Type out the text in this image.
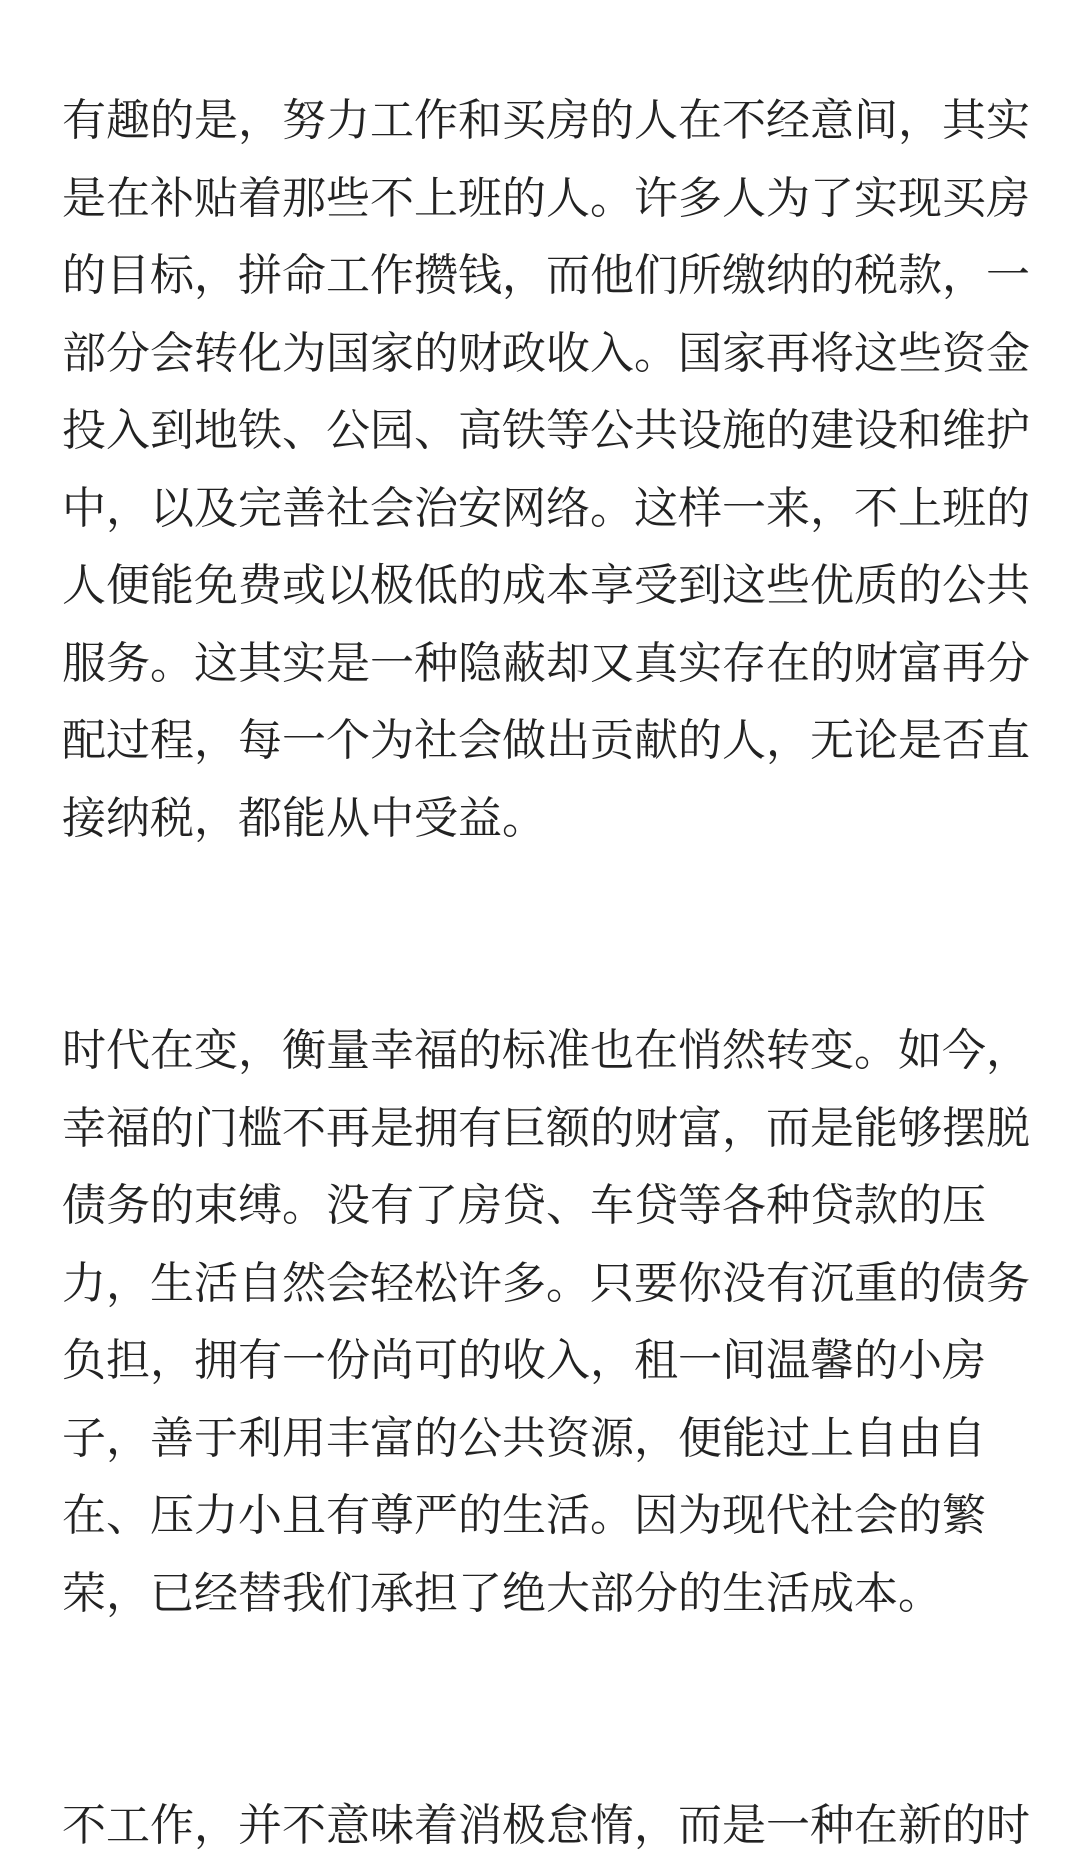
有趣的是，努力工作和买房的人在不经意间，其实
是在补贴着那些不上班的人。许多人为了实现买房
的目标，拼命工作攒钱，而他们所缴纳的税款，一
部分会转化为国家的财政收入。国家再将这些资金
投入到地铁、公园、高铁等公共设施的建设和维护
中，以及完善社会治安网络。这样一来，不上班的
人便能免费或以极低的成本享受到这些优质的公共
服务。这其实是一种隐蔽却又真实存在的财富再分
配过程，每一个为社会做出贡献的人，无论是否直
接纳税，都能从中受益。
时代在变，衡量幸福的标准也在悄然转变。如今，
幸福的门槛不再是拥有巨额的财富，而是能够摆脱
债务的束缚。没有了房贷、车贷等各种贷款的压
力，生活自然会轻松许多。只要你没有沉重的债务
负担，拥有一份尚可的收入，租一间温馨的小房
子，善于利用丰富的公共资源，便能过上自由自
在、压力小且有尊严的生活。因为现代社会的繁
荣，已经替我们承担了绝大部分的生活成本。
不工作，并不意味着消极怠惰，而是一种在新的时
